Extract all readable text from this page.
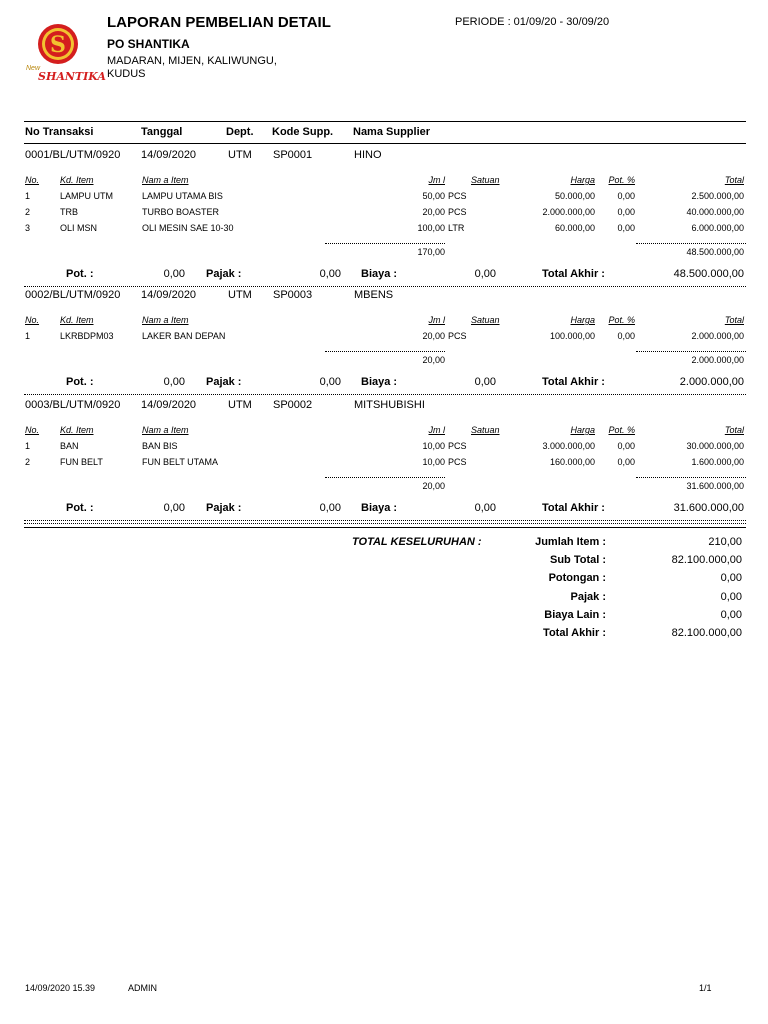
S
New
SHANTIKA
LAPORAN PEMBELIAN DETAIL	PERIODE : 01/09/20 - 30/09/20
PO SHANTIKA
MADARAN, MIJEN, KALIWUNGU,
KUDUS
No Transaksi	Tanggal	Dept. Kode Supp. Nama Supplier
0001/BL/UTM/0920 14/09/2020	UTM SP0001	HINO
No. Kd. Item	Nam a Item	Jm l	Satuan	Harga Pot. %	Total
1	LAMPU UTM	LAMPU UTAMA BIS	50,00 PCS	50.000,00 0,00	2.500.000,00
2	TRB	TURBO BOASTER	20,00 PCS	2.000.000,00 0,00	40.000.000,00
3	OLI MSN	OLI MESIN SAE 10-30	100,00 LTR	60.000,00 0,00	6.000.000,00
170,00	48.500.000,00
Pot. :	0,00 Pajak :	0,00 Biaya :	0,00	Total Akhir :	48.500.000,00
0002/BL/UTM/0920 14/09/2020	UTM SP0003	MBENS
No. Kd. Item	Nam a Item	Jm l	Satuan	Harga Pot. %	Total
1	LKRBDPM03	LAKER BAN DEPAN	20,00 PCS	100.000,00 0,00	2.000.000,00
20,00	2.000.000,00
Pot. :	0,00 Pajak :	0,00 Biaya :	0,00	Total Akhir :	2.000.000,00
0003/BL/UTM/0920 14/09/2020	UTM SP0002	MITSHUBISHI
No. Kd. Item	Nam a Item	Jm l	Satuan	Harga Pot. %	Total
1	BAN	BAN BIS	10,00 PCS	3.000.000,00 0,00	30.000.000,00
2	FUN BELT	FUN BELT UTAMA	10,00 PCS	160.000,00 0,00	1.600.000,00
20,00	31.600.000,00
Pot. :	0,00 Pajak :	0,00 Biaya :	0,00	Total Akhir :	31.600.000,00
TOTAL KESELURUHAN :	Jumlah Item :	210,00
Sub Total :	82.100.000,00
Potongan :	0,00
Pajak :	0,00
Biaya Lain :	0,00
Total Akhir :	82.100.000,00
14/09/2020 15.39	ADMIN	1/1
